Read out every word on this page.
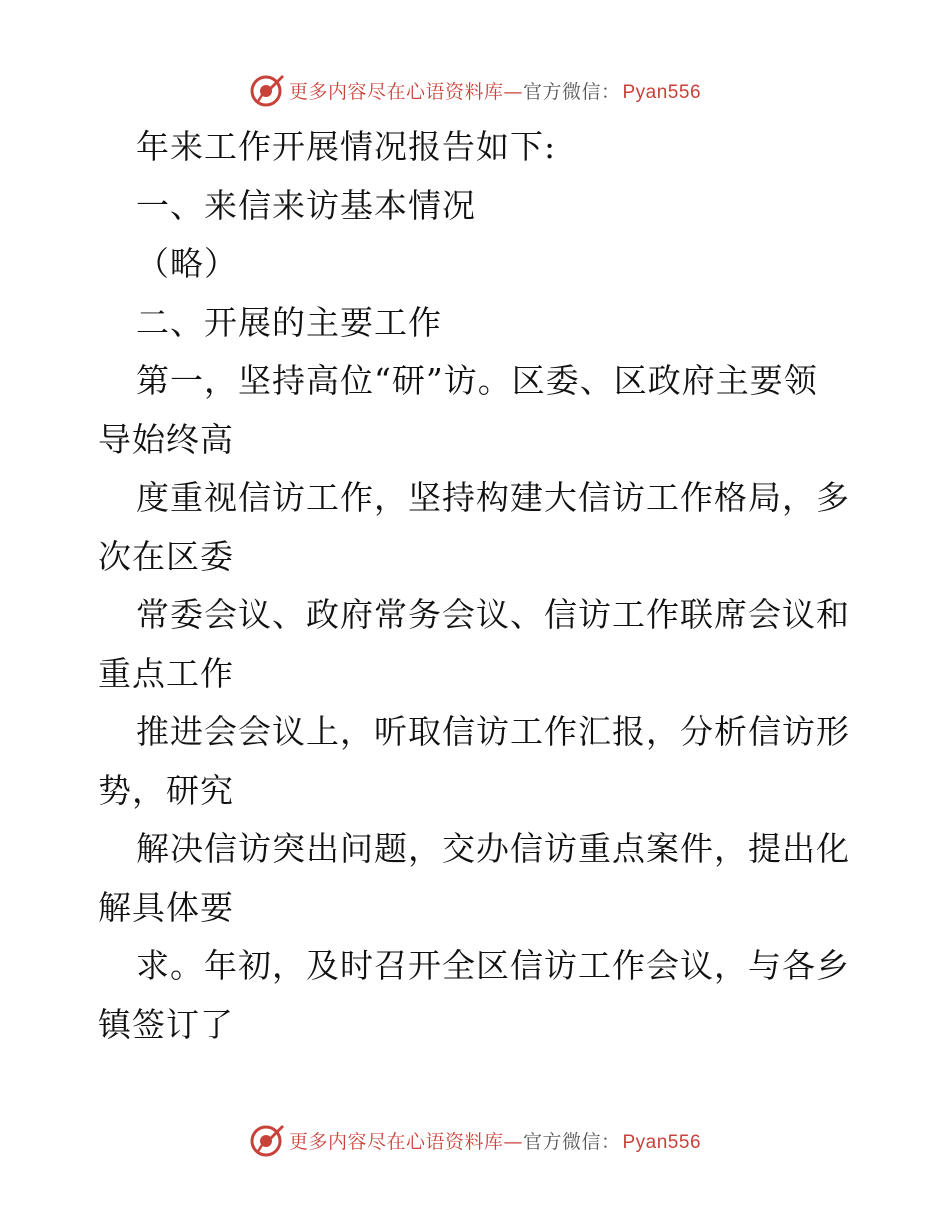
更多内容尽在心语资料库—官方微信： Pyan556
年来工作开展情况报告如下:
一、来信来访基本情况
（略）
二、开展的主要工作
第一，坚持高位“研”访。区委、区政府主要领
导始终高
度重视信访工作，坚持构建大信访工作格局，多
次在区委
常委会议、政府常务会议、信访工作联席会议和
重点工作
推进会会议上，听取信访工作汇报，分析信访形
势，研究
解决信访突出问题，交办信访重点案件，提出化
解具体要
求。年初，及时召开全区信访工作会议，与各乡
镇签订了
更多内容尽在心语资料库—官方微信： Pyan556
